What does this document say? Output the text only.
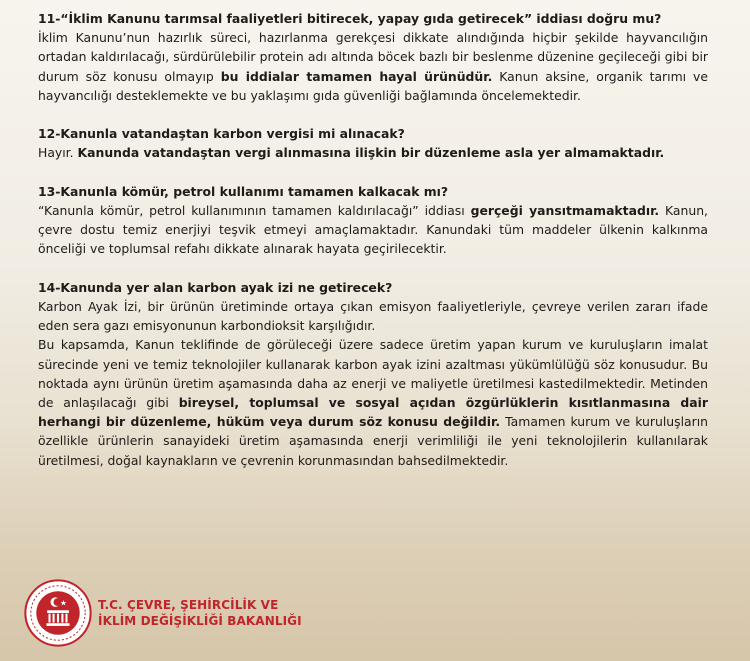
11-“İklim Kanunu tarımsal faaliyetleri bitirecek, yapay gıda getirecek” iddiası doğru mu?

İklim Kanunu’nun hazırlık süreci, hazırlanma gerekçesi dikkate alındığında hiçbir şekilde hayvancılığın ortadan kaldırılacağı, sürdürülebilir protein adı altında böcek bazlı bir beslenme düzenine geçileceği gibi bir durum söz konusu olmayıp bu iddialar tamamen hayal ürünüdür. Kanun aksine, organik tarımı ve hayvancılığı desteklemekte ve bu yaklaşımı gıda güvenliği bağlamında öncelemektedir.

12-Kanunla vatandaştan karbon vergisi mi alınacak?

Hayır. Kanunda vatandaştan vergi alınmasına ilişkin bir düzenleme asla yer almamaktadır.

13-Kanunla kömür, petrol kullanımı tamamen kalkacak mı?

“Kanunla kömür, petrol kullanımının tamamen kaldırılacağı” iddiası gerçeği yansıtmamaktadır. Kanun, çevre dostu temiz enerjiyi teşvik etmeyi amaçlamaktadır. Kanundaki tüm maddeler ülkenin kalkınma önceliği ve toplumsal refahı dikkate alınarak hayata geçirilecektir.

14-Kanunda yer alan karbon ayak izi ne getirecek?

Karbon Ayak İzi, bir ürünün üretiminde ortaya çıkan emisyon faaliyetleriyle, çevreye verilen zararı ifade eden sera gazı emisyonunun karbondioksit karşılığıdır.

Bu kapsamda, Kanun teklifinde de görüleceği üzere sadece üretim yapan kurum ve kuruluşların imalat sürecinde yeni ve temiz teknolojiler kullanarak karbon ayak izini azaltması yükümlülüğü söz konusudur. Bu noktada aynı ürünün üretim aşamasında daha az enerji ve maliyetle üretilmesi kastedilmektedir. Metinden de anlaşılacağı gibi bireysel, toplumsal ve sosyal açıdan özgürlüklerin kısıtlanmasına dair herhangi bir düzenleme, hüküm veya durum söz konusu değildir. Tamamen kurum ve kuruluşların özellikle ürünlerin sanayideki üretim aşamasında enerji verimliliği ile yeni teknolojilerin kullanılarak üretilmesi, doğal kaynakların ve çevrenin korunmasından bahsedilmektedir.

T.C. ÇEVRE, ŞEHİRCİLİK VE
İKLİM DEĞİŞİKLİĞİ BAKANLIĞI
